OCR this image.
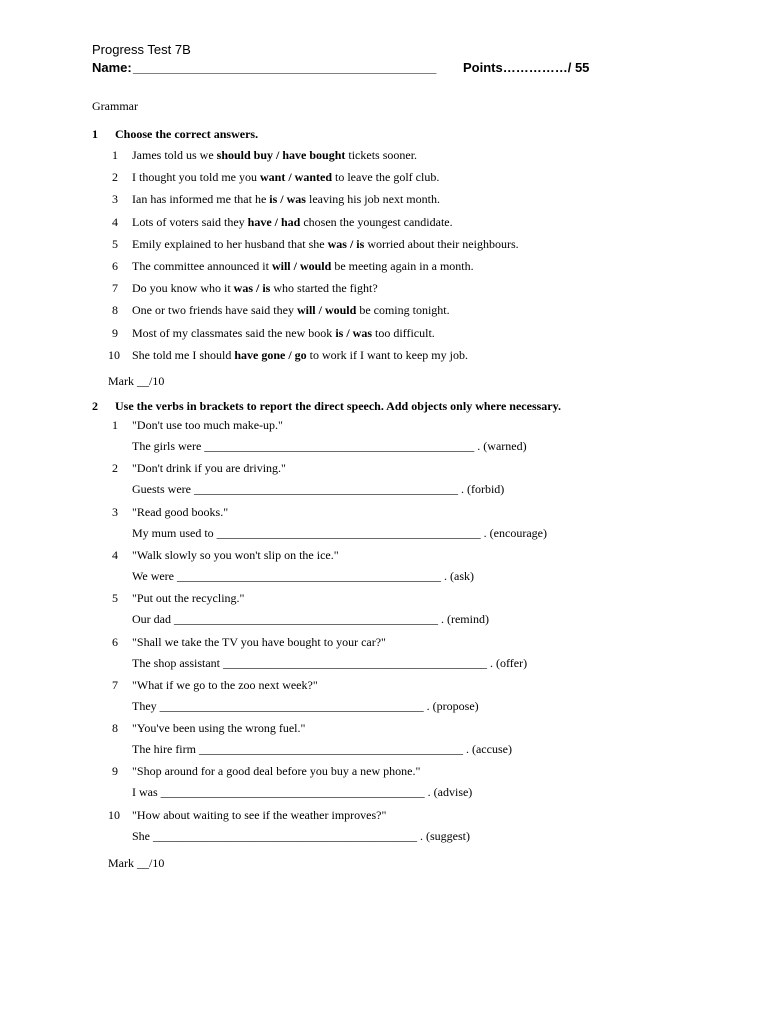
Progress Test 7B
Name: _____________________________________________ Points……………/ 55
Grammar
1 Choose the correct answers.
1 James told us we should buy / have bought tickets sooner.
2 I thought you told me you want / wanted to leave the golf club.
3 Ian has informed me that he is / was leaving his job next month.
4 Lots of voters said they have / had chosen the youngest candidate.
5 Emily explained to her husband that she was / is worried about their neighbours.
6 The committee announced it will / would be meeting again in a month.
7 Do you know who it was / is who started the fight?
8 One or two friends have said they will / would be coming tonight.
9 Most of my classmates said the new book is / was too difficult.
10 She told me I should have gone / go to work if I want to keep my job.
Mark __/10
2 Use the verbs in brackets to report the direct speech. Add objects only where necessary.
1 "Don't use too much make-up."
The girls were _____________________________________________ . (warned)
2 "Don't drink if you are driving."
Guests were ____________________________________________ . (forbid)
3 "Read good books."
My mum used to ____________________________________________ . (encourage)
4 "Walk slowly so you won't slip on the ice."
We were ____________________________________________ . (ask)
5 "Put out the recycling."
Our dad ____________________________________________ . (remind)
6 "Shall we take the TV you have bought to your car?"
The shop assistant ____________________________________________ . (offer)
7 "What if we go to the zoo next week?"
They ____________________________________________ . (propose)
8 "You've been using the wrong fuel."
The hire firm ____________________________________________ . (accuse)
9 "Shop around for a good deal before you buy a new phone."
I was ____________________________________________ . (advise)
10 "How about waiting to see if the weather improves?"
She ____________________________________________ . (suggest)
Mark __/10
